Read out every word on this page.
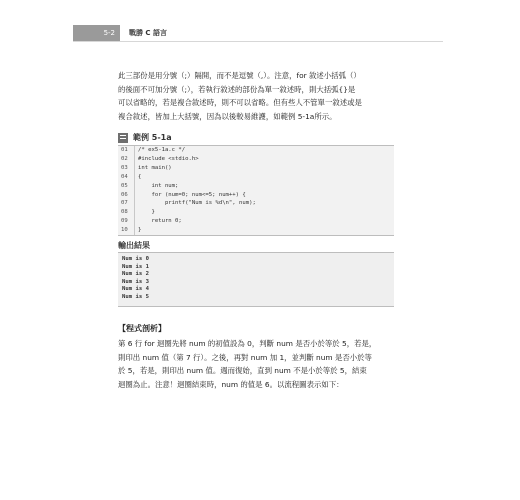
5-2	戰勝 C 語言

此三部份是用分號（;）隔開，而不是逗號（,）。注意，for 敘述小括弧（）

的後面不可加分號（;），若執行敘述的部份為單一敘述時，則大括弧{}是

可以省略的，若是複合敘述時，則不可以省略。但有些人不管單一敘述或是

複合敘述，皆加上大括號，因為以後較易維護，如範例 5-1a所示。

範例 5-1a
01	/* ex5-1a.c */
02	#include <stdio.h>
03	int main()
04	{
05	int num;
06	for (num=0; num<=5; num++) {
07	printf("Num is %d\n", num);
08	}
09	return 0;
10	}
輸出結果
Num is 0
Num is 1
Num is 2
Num is 3
Num is 4
Num is 5
【程式剖析】

第 6 行 for 迴圈先將 num 的初值設為 0，判斷 num 是否小於等於 5，若是，

則印出 num 值（第 7 行）。之後，再對 num 加 1，並判斷 num 是否小於等

於 5，若是，則印出 num 值。週而復始，直到 num 不是小於等於 5，結束

迴圈為止。注意！迴圈結束時，num 的值是 6。以流程圖表示如下：
